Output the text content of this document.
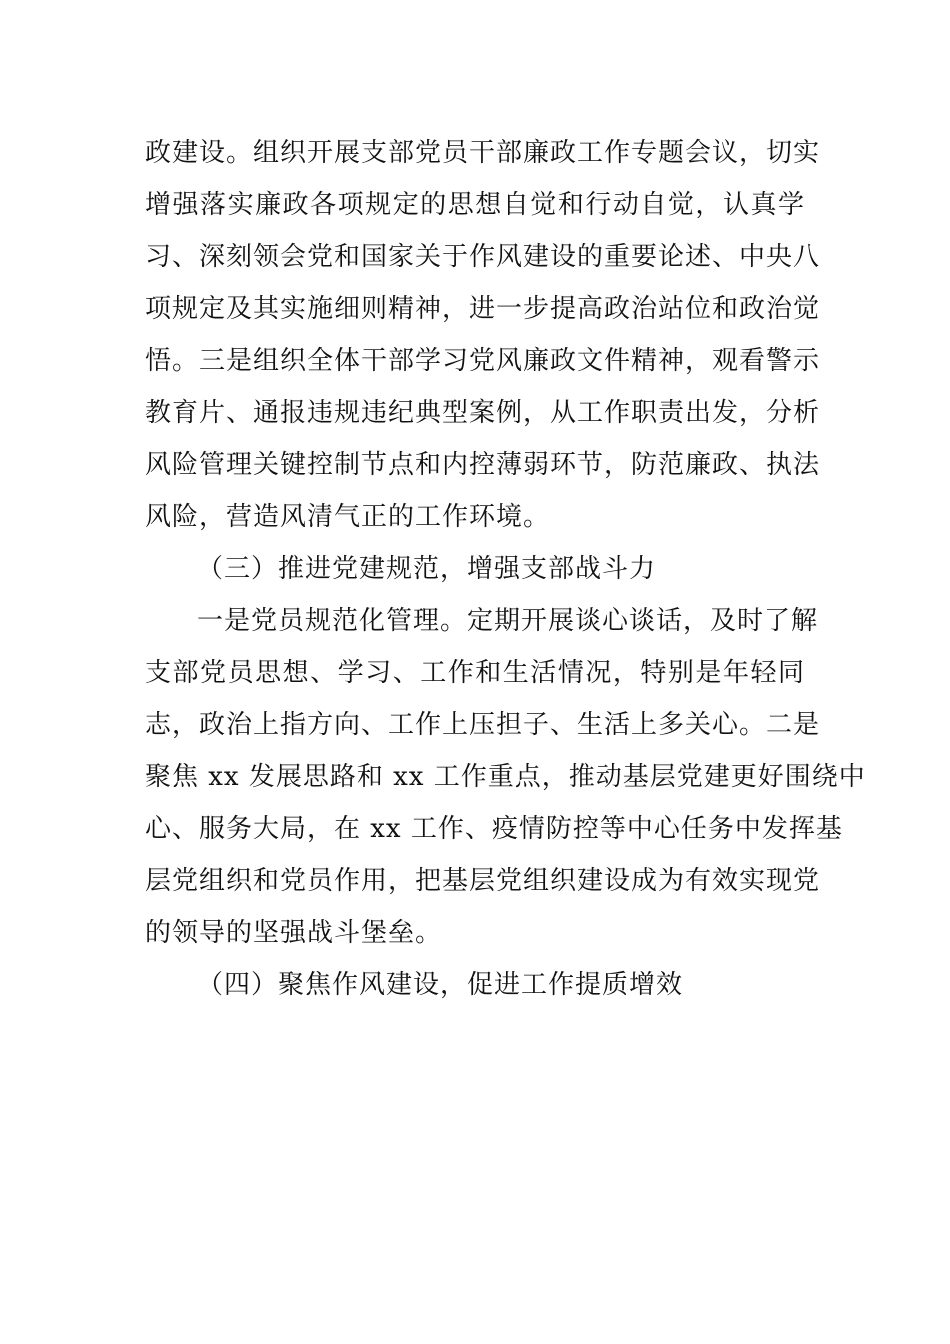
政建设。组织开展支部党员干部廉政工作专题会议，切实
增强落实廉政各项规定的思想自觉和行动自觉，认真学
习、深刻领会党和国家关于作风建设的重要论述、中央八
项规定及其实施细则精神，进一步提高政治站位和政治觉
悟。三是组织全体干部学习党风廉政文件精神，观看警示
教育片、通报违规违纪典型案例，从工作职责出发，分析
风险管理关键控制节点和内控薄弱环节，防范廉政、执法
风险，营造风清气正的工作环境。
（三）推进党建规范，增强支部战斗力
一是党员规范化管理。定期开展谈心谈话，及时了解
支部党员思想、学习、工作和生活情况，特别是年轻同
志，政治上指方向、工作上压担子、生活上多关心。二是
聚焦 xx 发展思路和 xx 工作重点，推动基层党建更好围绕中
心、服务大局，在 xx 工作、疫情防控等中心任务中发挥基
层党组织和党员作用，把基层党组织建设成为有效实现党
的领导的坚强战斗堡垒。
（四）聚焦作风建设，促进工作提质增效
